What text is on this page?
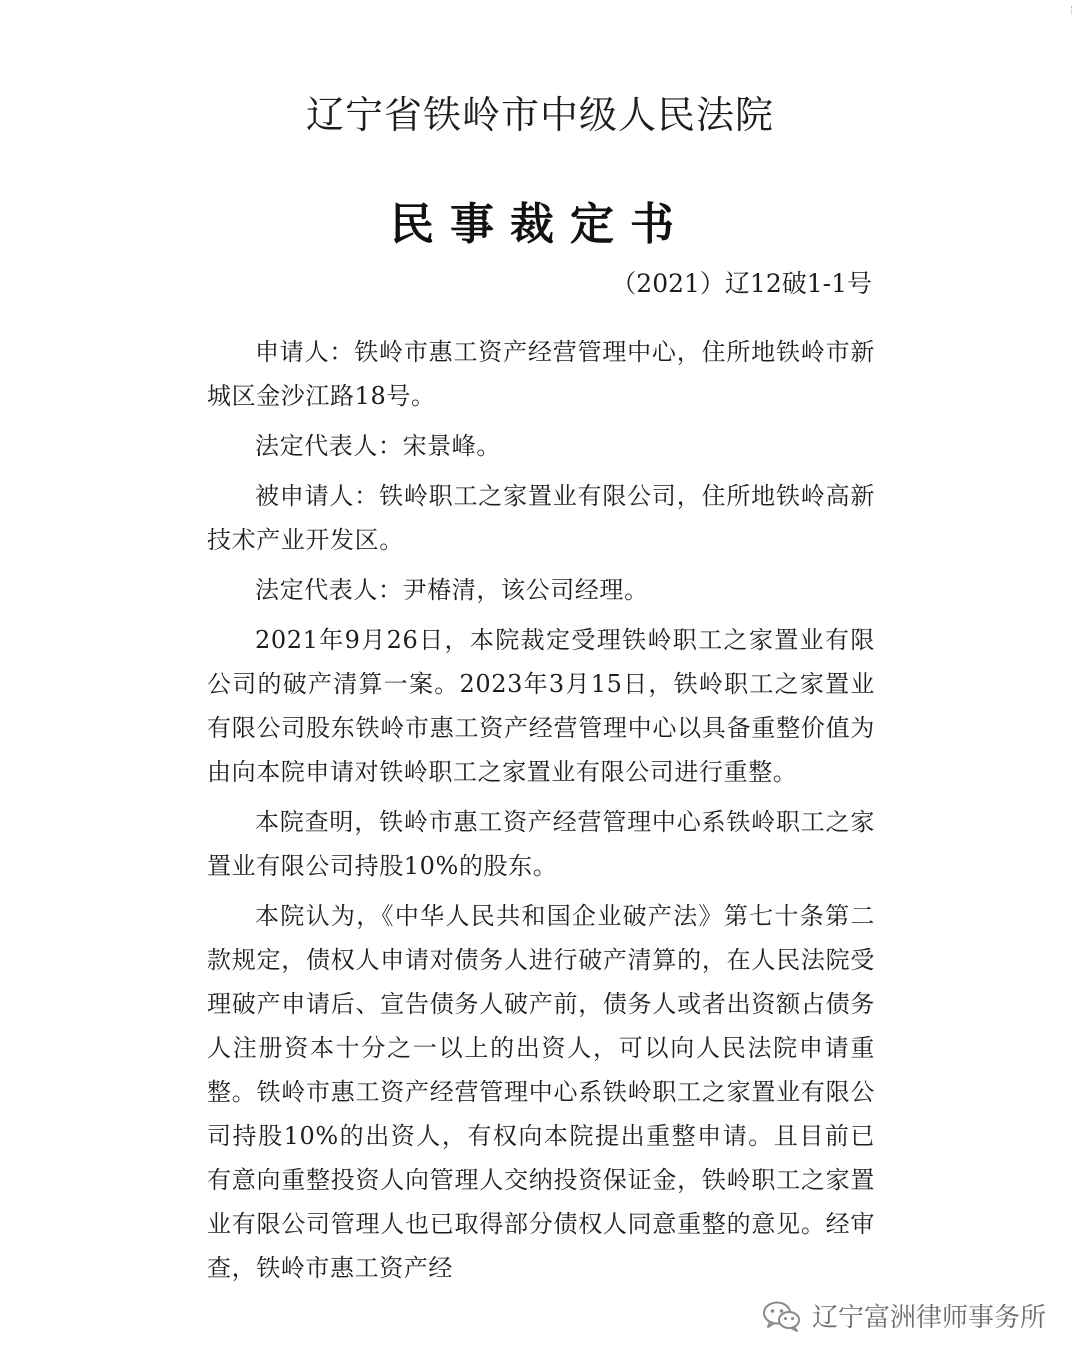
辽宁省铁岭市中级人民法院
民事裁定书
（2021）辽12破1-1号

申请人：铁岭市惠工资产经营管理中心，住所地铁岭市新城区金沙江路18号。

法定代表人：宋景峰。

被申请人：铁岭职工之家置业有限公司，住所地铁岭高新技术产业开发区。

法定代表人：尹椿清，该公司经理。

2021年9月26日，本院裁定受理铁岭职工之家置业有限公司的破产清算一案。2023年3月15日，铁岭职工之家置业有限公司股东铁岭市惠工资产经营管理中心以具备重整价值为由向本院申请对铁岭职工之家置业有限公司进行重整。

本院查明，铁岭市惠工资产经营管理中心系铁岭职工之家置业有限公司持股10%的股东。

本院认为，《中华人民共和国企业破产法》第七十条第二款规定，债权人申请对债务人进行破产清算的，在人民法院受理破产申请后、宣告债务人破产前，债务人或者出资额占债务人注册资本十分之一以上的出资人，可以向人民法院申请重整。铁岭市惠工资产经营管理中心系铁岭职工之家置业有限公司持股10%的出资人，有权向本院提出重整申请。且目前已有意向重整投资人向管理人交纳投资保证金，铁岭职工之家置业有限公司管理人也已取得部分债权人同意重整的意见。经审查，铁岭市惠工资产经

辽宁富洲律师事务所
